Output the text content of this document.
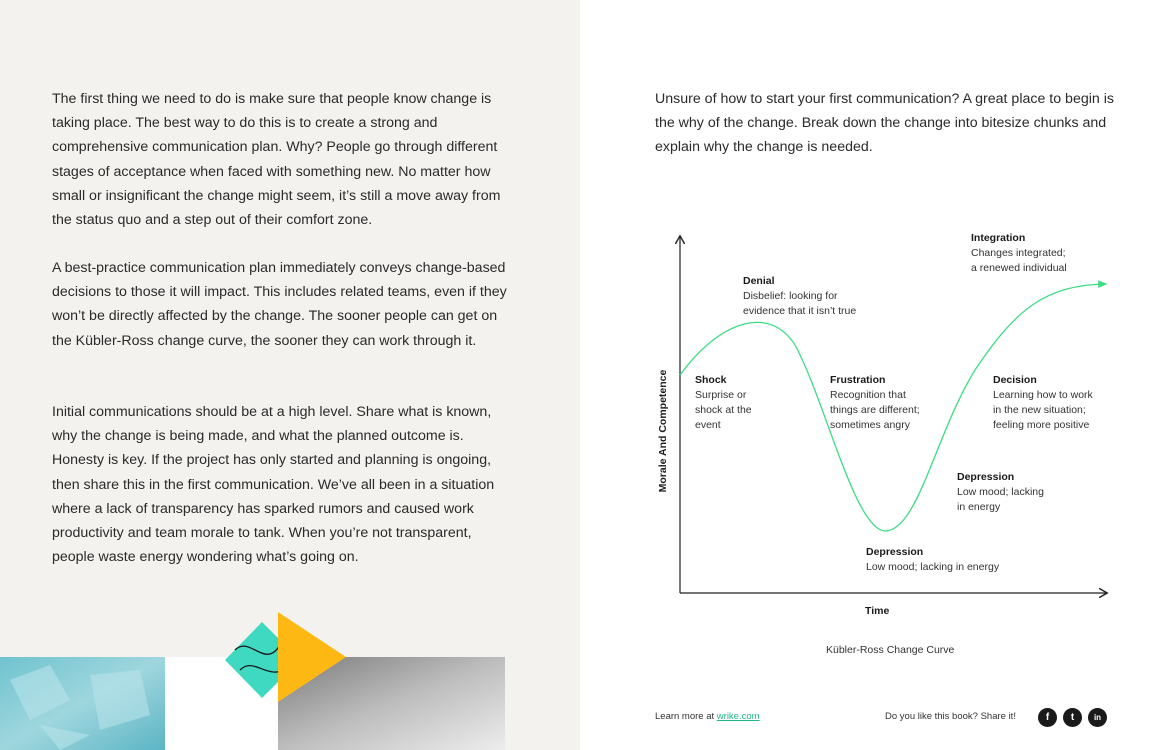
The first thing we need to do is make sure that people know change is taking place. The best way to do this is to create a strong and comprehensive communication plan. Why? People go through different stages of acceptance when faced with something new. No matter how small or insignificant the change might seem, it’s still a move away from the status quo and a step out of their comfort zone.

A best-practice communication plan immediately conveys change-based decisions to those it will impact. This includes related teams, even if they won’t be directly affected by the change. The sooner people can get on the Kübler-Ross change curve, the sooner they can work through it.

Initial communications should be at a high level. Share what is known, why the change is being made, and what the planned outcome is. Honesty is key. If the project has only started and planning is ongoing, then share this in the first communication. We’ve all been in a situation where a lack of transparency has sparked rumors and caused work productivity and team morale to tank. When you’re not transparent, people waste energy wondering what’s going on.

Unsure of how to start your first communication? A great place to begin is the why of the change. Break down the change into bitesize chunks and explain why the change is needed.

Morale And Competence
Time
Denial
Disbelief: looking for
evidence that it isn’t true
Shock
Surprise or
shock at the
event
Frustration
Recognition that
things are different;
sometimes angry
Depression
Low mood; lacking in energy
Depression
Low mood; lacking
in energy
Decision
Learning how to work
in the new situation;
feeling more positive
Integration
Changes integrated;
a renewed individual
Kübler-Ross Change Curve
Learn more at wrike.com	Do you like this book? Share it!	f	t	in
